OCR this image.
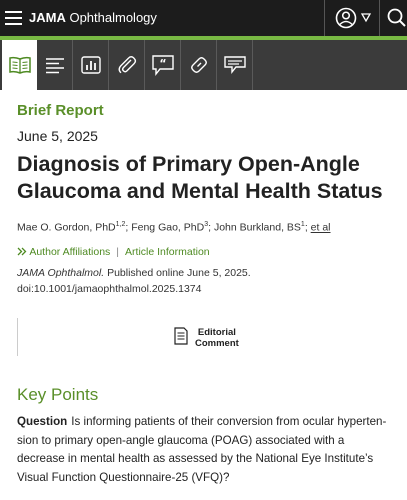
JAMA Ophthalmology
“
Brief Report
June 5, 2025
Diagnosis of Primary Open-Angle Glaucoma and Mental Health Status
Mae O. Gordon, PhD$^{1,2}$; Feng Gao, PhD$^3$; John Burkland, $BS^1$; et al
Author Affiliations | Article Information
JAMA Ophthalmol. Published online June 5, 2025.
doi:10.1001/jamaophthalmol.2025.1374
Editorial
Comment
Key Points

Question Is informing patients of their conversion from ocular hyperten-sion to primary open-angle glaucoma (POAG) associated with a decrease in mental health as assessed by the National Eye Institute’s Visual Function Questionnaire-25 (VFQ)?
